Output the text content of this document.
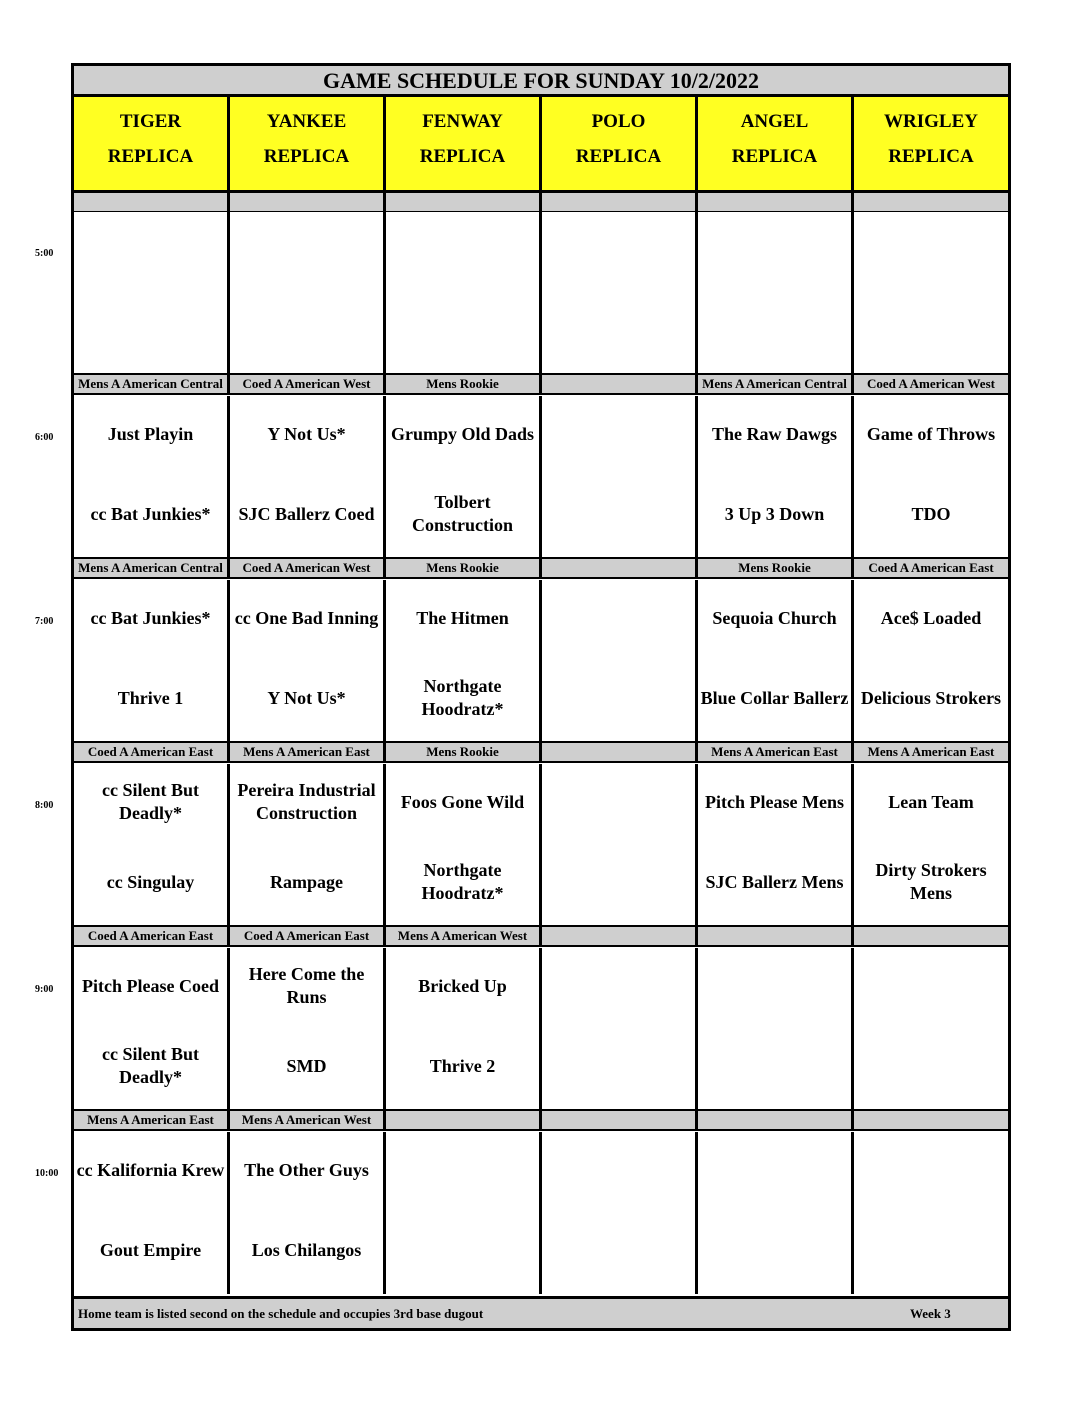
GAME SCHEDULE FOR SUNDAY 10/2/2022
Home team is listed second on the schedule and occupies 3rd base dugout	Week 3
TIGER
REPLICA
YANKEE
REPLICA
FENWAY
REPLICA
POLO
REPLICA
ANGEL
REPLICA
WRIGLEY
REPLICA
Mens A American Central
Just Playin
cc Bat Junkies*
Coed A American West
Y Not Us*
SJC Ballerz Coed
Mens Rookie
Grumpy Old Dads
Tolbert Construction
Mens A American Central
The Raw Dawgs
3 Up 3 Down
Coed A American West
Game of Throws
TDO
Mens A American Central
cc Bat Junkies*
Thrive 1
Coed A American West
cc One Bad Inning
Y Not Us*
Mens Rookie
The Hitmen
Northgate Hoodratz*
Mens Rookie
Sequoia Church
Blue Collar Ballerz
Coed A American East
Ace$ Loaded
Delicious Strokers
Coed A American East
cc Silent But Deadly*
cc Singulay
Mens A American East
Pereira Industrial Construction
Rampage
Mens Rookie
Foos Gone Wild
Northgate Hoodratz*
Mens A American East
Pitch Please Mens
SJC Ballerz Mens
Mens A American East
Lean Team
Dirty Strokers Mens
Coed A American East
Pitch Please Coed
cc Silent But Deadly*
Coed A American East
Here Come the Runs
SMD
Mens A American West
Bricked Up
Thrive 2
Mens A American East
cc Kalifornia Krew
Gout Empire
Mens A American West
The Other Guys
Los Chilangos
5:00
6:00
7:00
8:00
9:00
10:00
